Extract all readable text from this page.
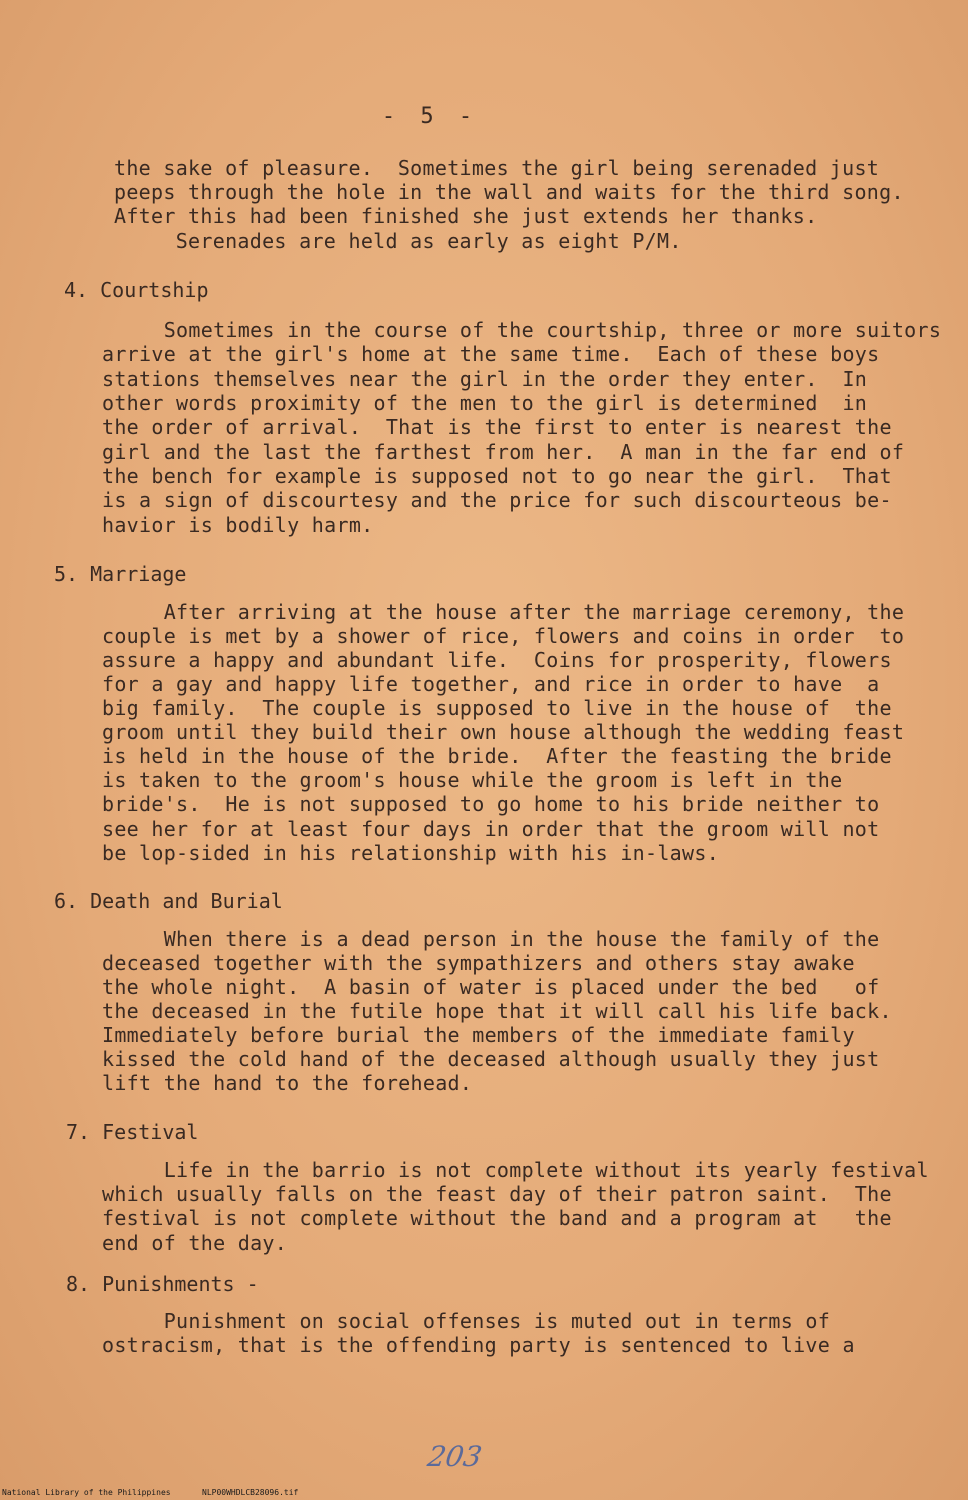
- 5 -
the sake of pleasure.  Sometimes the girl being serenaded just
peeps through the hole in the wall and waits for the third song.
After this had been finished she just extends her thanks.
Serenades are held as early as eight P/M.
4. Courtship
Sometimes in the course of the courtship, three or more suitors
arrive at the girl's home at the same time.  Each of these boys
stations themselves near the girl in the order they enter.  In
other words proximity of the men to the girl is determined  in
the order of arrival.  That is the first to enter is nearest the
girl and the last the farthest from her.  A man in the far end of
the bench for example is supposed not to go near the girl.  That
is a sign of discourtesy and the price for such discourteous be-
havior is bodily harm.
5. Marriage
After arriving at the house after the marriage ceremony, the
couple is met by a shower of rice, flowers and coins in order  to
assure a happy and abundant life.  Coins for prosperity, flowers
for a gay and happy life together, and rice in order to have  a
big family.  The couple is supposed to live in the house of  the
groom until they build their own house although the wedding feast
is held in the house of the bride.  After the feasting the bride
is taken to the groom's house while the groom is left in the
bride's.  He is not supposed to go home to his bride neither to
see her for at least four days in order that the groom will not
be lop-sided in his relationship with his in-laws.
6. Death and Burial
When there is a dead person in the house the family of the
deceased together with the sympathizers and others stay awake
the whole night.  A basin of water is placed under the bed   of
the deceased in the futile hope that it will call his life back.
Immediately before burial the members of the immediate family
kissed the cold hand of the deceased although usually they just
lift the hand to the forehead.
7. Festival
Life in the barrio is not complete without its yearly festival
which usually falls on the feast day of their patron saint.  The
festival is not complete without the band and a program at   the
end of the day.
8. Punishments -
Punishment on social offenses is muted out in terms of
ostracism, that is the offending party is sentenced to live a
203
National Library of the Philippines	NLP00WHDLCB28096.tif
